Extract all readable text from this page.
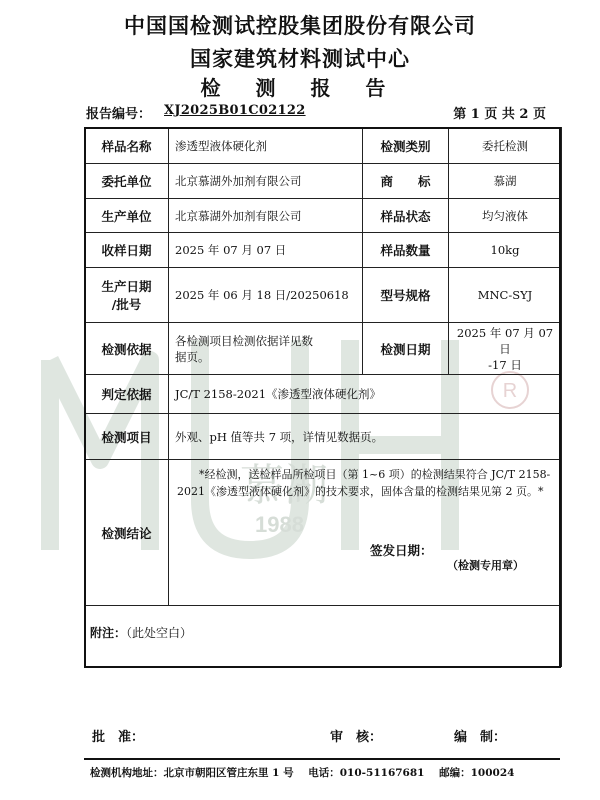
R
慕湖
1988
中国国检测试控股集团股份有限公司
国家建筑材料测试中心
检 测 报 告
报告编号： XJ2025B01C02122	第 1 页 共 2 页
样品名称	渗透型液体硬化剂	检测类别	委托检测
委托单位	北京慕湖外加剂有限公司	商　　标	慕湖
生产单位	北京慕湖外加剂有限公司	样品状态	均匀液体
收样日期	2025 年 07 月 07 日	样品数量	10kg

生产日期
/批号	2025 年 06 月 18 日/20250618	型号规格	MNC-SYJ
检测依据	各检测项目检测依据详见数据页。	检测日期	2025 年 07 月 07 日
-17 日

判定依据	JC/T 2158-2021《渗透型液体硬化剂》		
检测项目	外观、pH 值等共 7 项，详情见数据页。		
检测结论	*经检测，送检样品所检项目（第 1~6 项）的检测结果符合 JC/T 2158-2021《渗透型液体硬化剂》的技术要求，固体含量的检测结果见第 2 页。*		

签发日期：
（检测专用章）
附注：（此处空白）
批　准：	审　核：	编　制：
检测机构地址：北京市朝阳区管庄东里 1 号 电话：010-51167681 邮编：100024
